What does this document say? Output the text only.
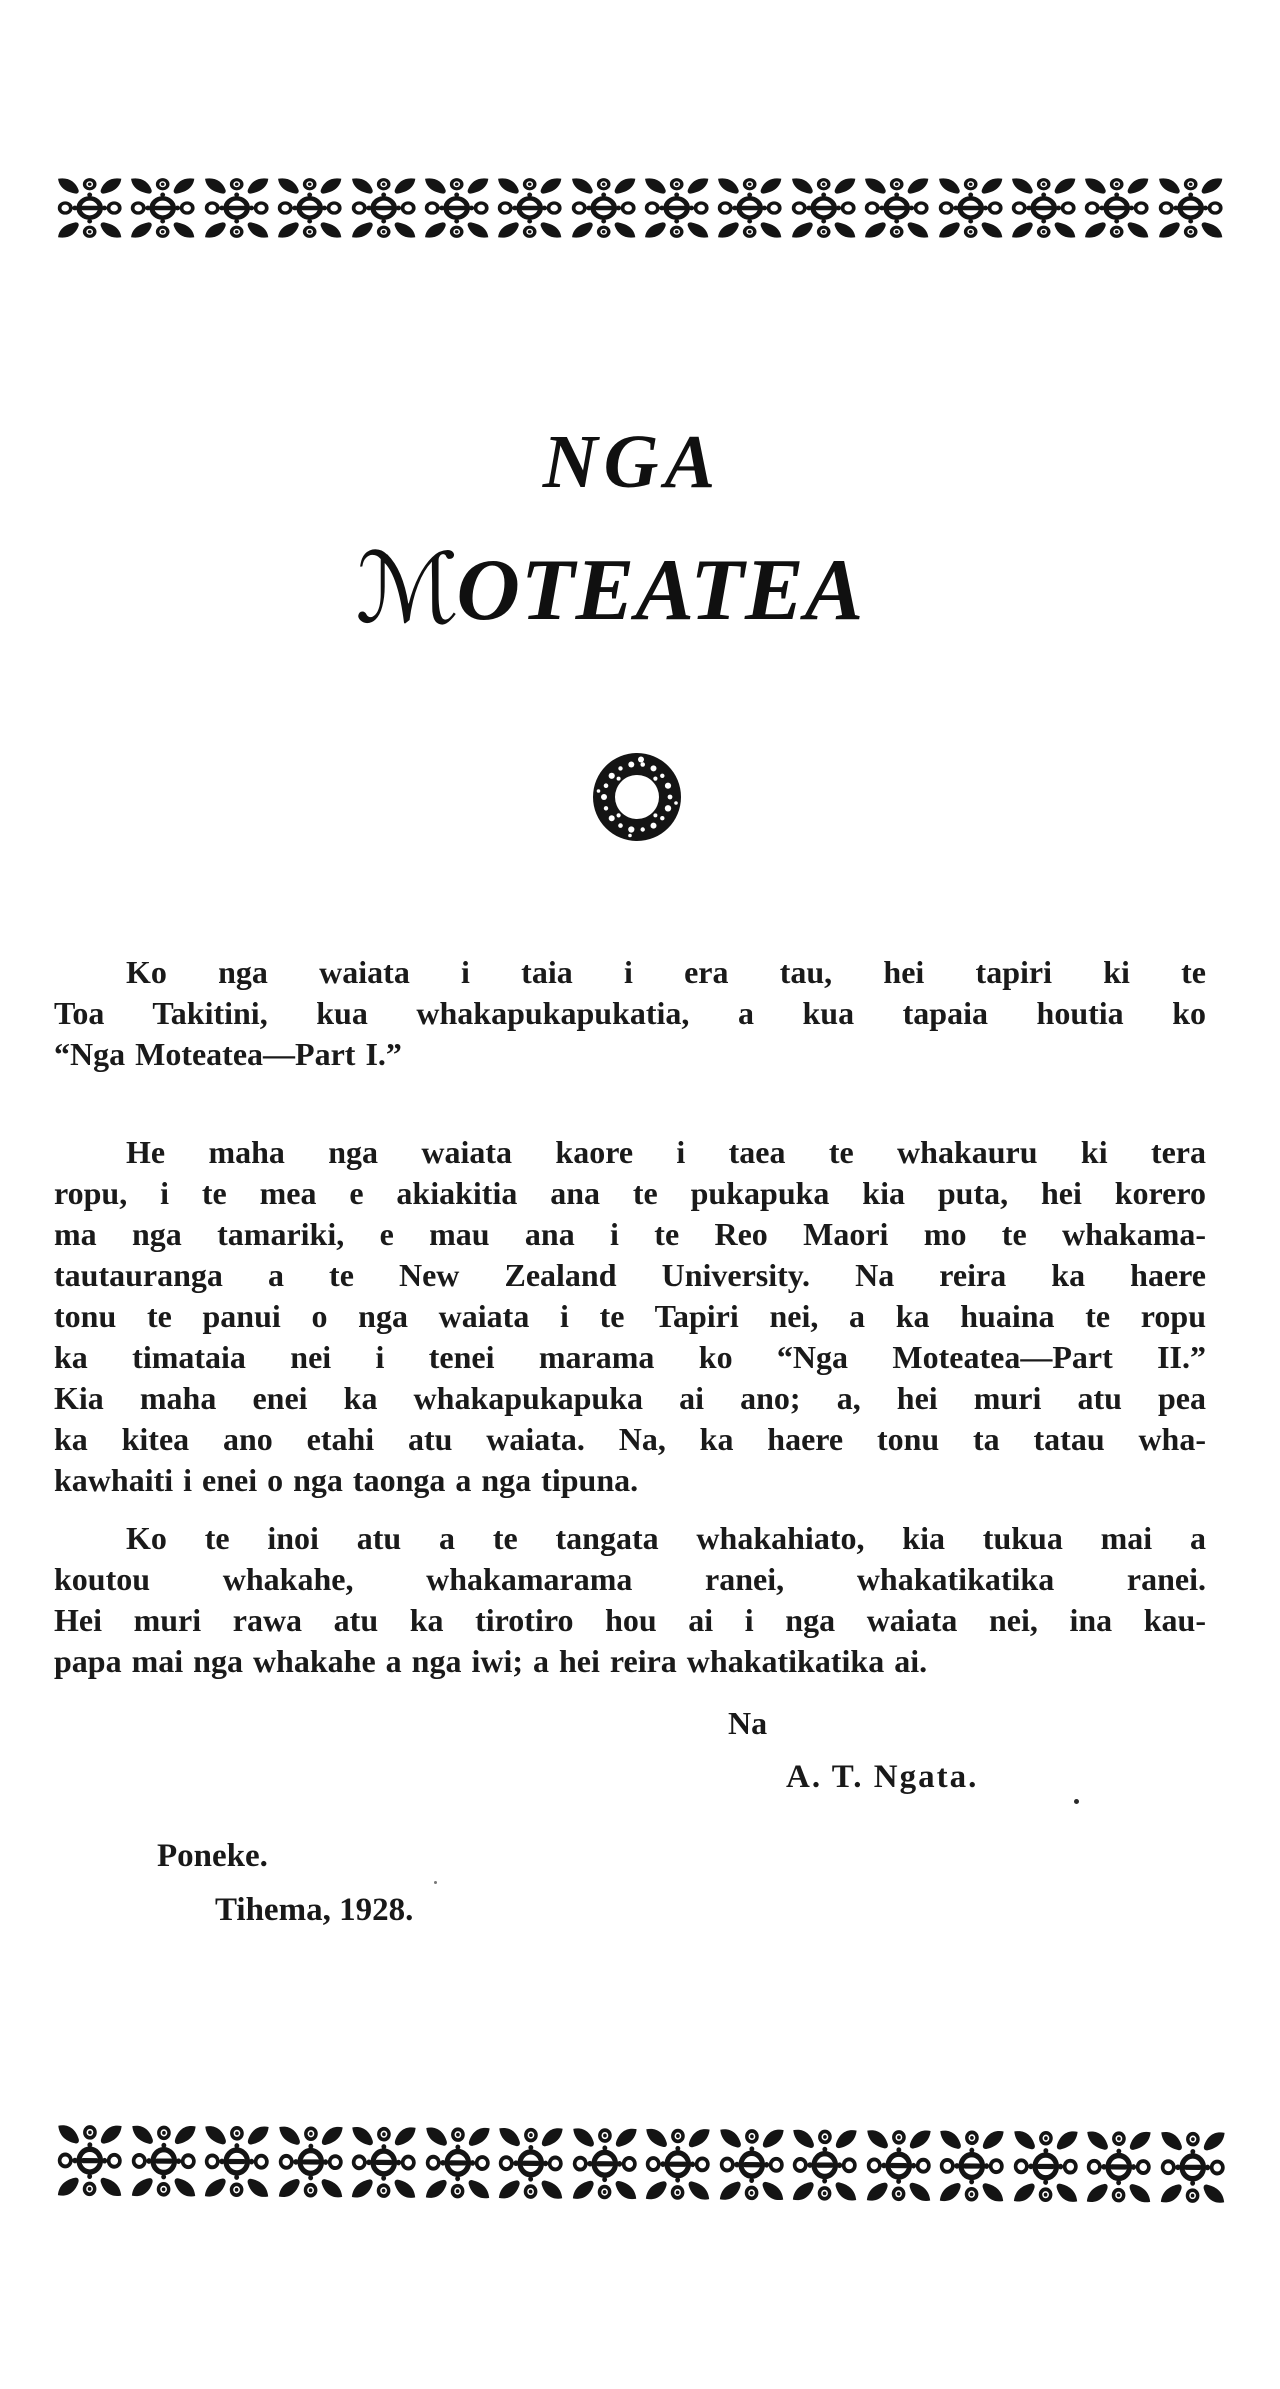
NGA
ℳOTEATEA
Ko nga waiata i taia i era tau, hei tapiri ki te
Toa Takitini, kua whakapukapukatia, a kua tapaia houtia ko
“Nga Moteatea—Part I.”
He maha nga waiata kaore i taea te whakauru ki tera
ropu, i te mea e akiakitia ana te pukapuka kia puta, hei korero
ma nga tamariki, e mau ana i te Reo Maori mo te whakama-
tautauranga a te New Zealand University. Na reira ka haere
tonu te panui o nga waiata i te Tapiri nei, a ka huaina te ropu
ka timataia nei i tenei marama ko “Nga Moteatea—Part II.”
Kia maha enei ka whakapukapuka ai ano; a, hei muri atu pea
ka kitea ano etahi atu waiata. Na, ka haere tonu ta tatau wha-
kawhaiti i enei o nga taonga a nga tipuna.
Ko te inoi atu a te tangata whakahiato, kia tukua mai a
koutou whakahe, whakamarama ranei, whakatikatika ranei.
Hei muri rawa atu ka tirotiro hou ai i nga waiata nei, ina kau-
papa mai nga whakahe a nga iwi; a hei reira whakatikatika ai.
Na
A. T. Ngata.
Poneke.
Tihema, 1928.
